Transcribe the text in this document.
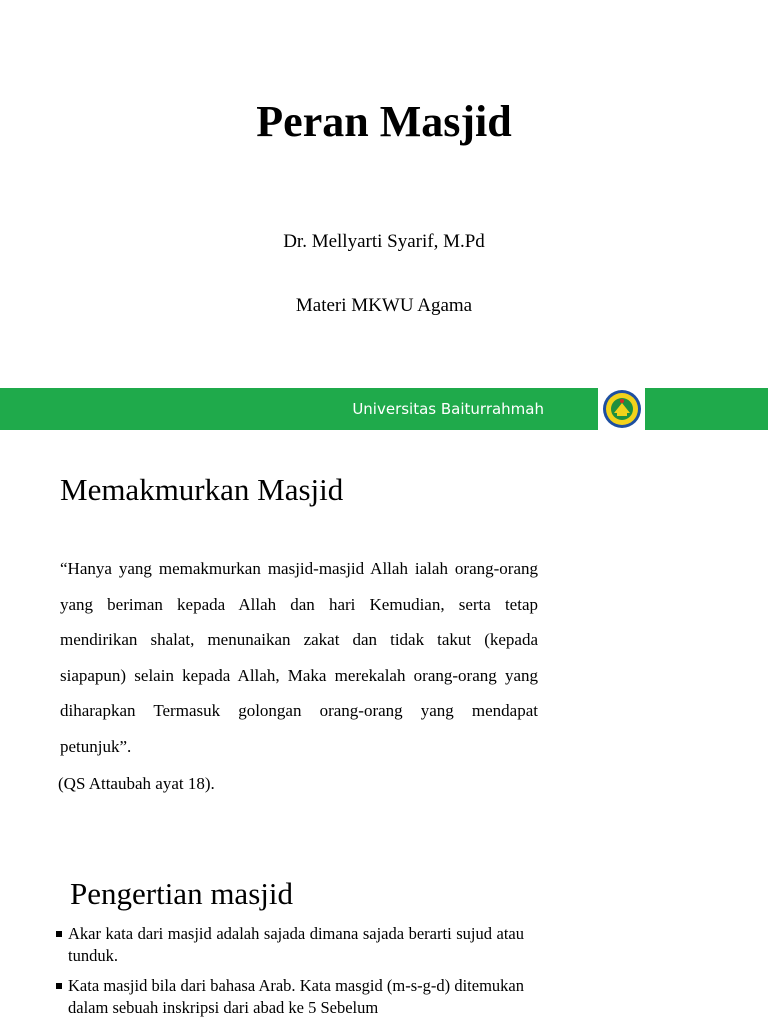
Peran Masjid
Dr. Mellyarti Syarif, M.Pd
Materi MKWU Agama
Universitas Baiturrahmah
Memakmurkan Masjid

“Hanya yang memakmurkan masjid-masjid Allah ialah orang-orang yang beriman kepada Allah dan hari Kemudian, serta tetap mendirikan shalat, menunaikan zakat dan tidak takut (kepada siapapun) selain kepada Allah, Maka merekalah orang-orang yang diharapkan Termasuk golongan orang-orang yang mendapat petunjuk”.

(QS Attaubah ayat 18).
Pengertian masjid
Akar kata dari masjid adalah sajada dimana sajada berarti sujud atau tunduk.
Kata masjid bila dari bahasa Arab. Kata masgid (m-s-g-d) ditemukan dalam sebuah inskripsi dari abad ke 5 Sebelum
